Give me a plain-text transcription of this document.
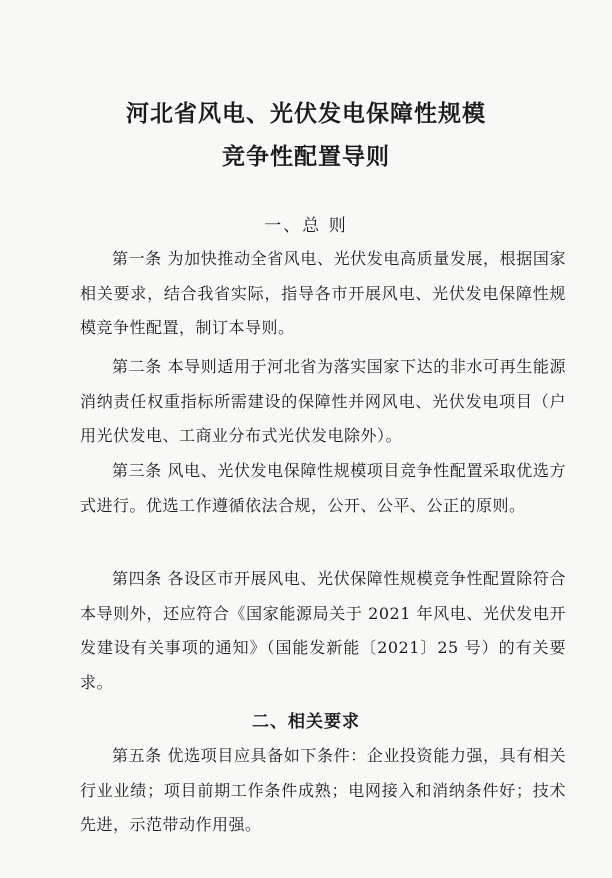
河北省风电、光伏发电保障性规模
竞争性配置导则
一、总 则

第一条 为加快推动全省风电、光伏发电高质量发展，根据国家相关要求，结合我省实际，指导各市开展风电、光伏发电保障性规模竞争性配置，制订本导则。

第二条 本导则适用于河北省为落实国家下达的非水可再生能源消纳责任权重指标所需建设的保障性并网风电、光伏发电项目（户用光伏发电、工商业分布式光伏发电除外）。

第三条 风电、光伏发电保障性规模项目竞争性配置采取优选方式进行。优选工作遵循依法合规，公开、公平、公正的原则。

第四条 各设区市开展风电、光伏保障性规模竞争性配置除符合本导则外，还应符合《国家能源局关于 2021 年风电、光伏发电开发建设有关事项的通知》（国能发新能〔2021〕25 号）的有关要求。

二、相关要求

第五条 优选项目应具备如下条件：企业投资能力强，具有相关行业业绩；项目前期工作条件成熟；电网接入和消纳条件好；技术先进，示范带动作用强。
